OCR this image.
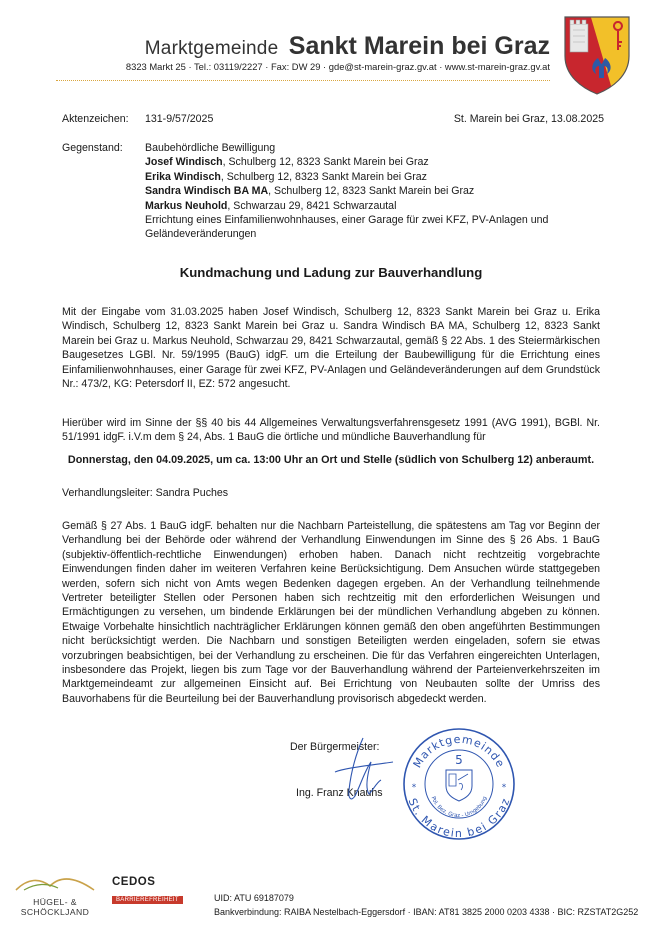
Marktgemeinde Sankt Marein bei Graz
8323 Markt 25 · Tel.: 03119/2227 · Fax: DW 29 · gde@st-marein-graz.gv.at · www.st-marein-graz.gv.at
Aktenzeichen: 131-9/57/2025	St. Marein bei Graz, 13.08.2025
Gegenstand: Baubehördliche Bewilligung
Josef Windisch, Schulberg 12, 8323 Sankt Marein bei Graz
Erika Windisch, Schulberg 12, 8323 Sankt Marein bei Graz
Sandra Windisch BA MA, Schulberg 12, 8323 Sankt Marein bei Graz
Markus Neuhold, Schwarzau 29, 8421 Schwarzautal
Errichtung eines Einfamilienwohnhauses, einer Garage für zwei KFZ, PV-Anlagen und Geländeveränderungen
Kundmachung und Ladung zur Bauverhandlung
Mit der Eingabe vom 31.03.2025 haben Josef Windisch, Schulberg 12, 8323 Sankt Marein bei Graz u. Erika Windisch, Schulberg 12, 8323 Sankt Marein bei Graz u. Sandra Windisch BA MA, Schulberg 12, 8323 Sankt Marein bei Graz u. Markus Neuhold, Schwarzau 29, 8421 Schwarzautal, gemäß § 22 Abs. 1 des Steiermärkischen Baugesetzes LGBl. Nr. 59/1995 (BauG) idgF. um die Erteilung der Baubewilligung für die Errichtung eines Einfamilienwohnhauses, einer Garage für zwei KFZ, PV-Anlagen und Geländeveränderungen auf dem Grundstück Nr.: 473/2, KG: Petersdorf II, EZ: 572 angesucht.
Hierüber wird im Sinne der §§ 40 bis 44 Allgemeines Verwaltungsverfahrensgesetz 1991 (AVG 1991), BGBl. Nr. 51/1991 idgF. i.V.m dem § 24, Abs. 1 BauG die örtliche und mündliche Bauverhandlung für
Donnerstag, den 04.09.2025, um ca. 13:00 Uhr an Ort und Stelle (südlich von Schulberg 12) anberaumt.
Verhandlungsleiter: Sandra Puches
Gemäß § 27 Abs. 1 BauG idgF. behalten nur die Nachbarn Parteistellung, die spätestens am Tag vor Beginn der Verhandlung bei der Behörde oder während der Verhandlung Einwendungen im Sinne des § 26 Abs. 1 BauG (subjektiv-öffentlich-rechtliche Einwendungen) erhoben haben. Danach nicht rechtzeitig vorgebrachte Einwendungen finden daher im weiteren Verfahren keine Berücksichtigung. Dem Ansuchen würde stattgegeben werden, sofern sich nicht von Amts wegen Bedenken dagegen ergeben. An der Verhandlung teilnehmende Vertreter beteiligter Stellen oder Personen haben sich rechtzeitig mit den erforderlichen Weisungen und Ermächtigungen zu versehen, um bindende Erklärungen bei der mündlichen Verhandlung abgeben zu können. Etwaige Vorbehalte hinsichtlich nachträglicher Erklärungen können gemäß den oben angeführten Bestimmungen nicht berücksichtigt werden. Die Nachbarn und sonstigen Beteiligten werden eingeladen, sofern sie etwas vorzubringen beabsichtigen, bei der Verhandlung zu erscheinen. Die für das Verfahren eingereichten Unterlagen, insbesondere das Projekt, liegen bis zum Tage vor der Bauverhandlung während der Parteienverkehrszeiten im Marktgemeindeamt zur allgemeinen Einsicht auf. Bei Errichtung von Neubauten sollte der Umriss des Bauvorhabens für die Beurteilung bei der Bauverhandlung provisorisch abgedeckt werden.
Der Bürgermeister:
Ing. Franz Knauhs
Marktgemeinde
St. Marein bei Graz
Pol. Bez. Graz - Umgebung
5
*	*
HÜGEL- &
SCHÖCKLJAND
CEDOS
BARRIEREFREIHEIT	UID: ATU 69187079
Bankverbindung: RAIBA Nestelbach-Eggersdorf · IBAN: AT81 3825 2000 0203 4338 · BIC: RZSTAT2G252
